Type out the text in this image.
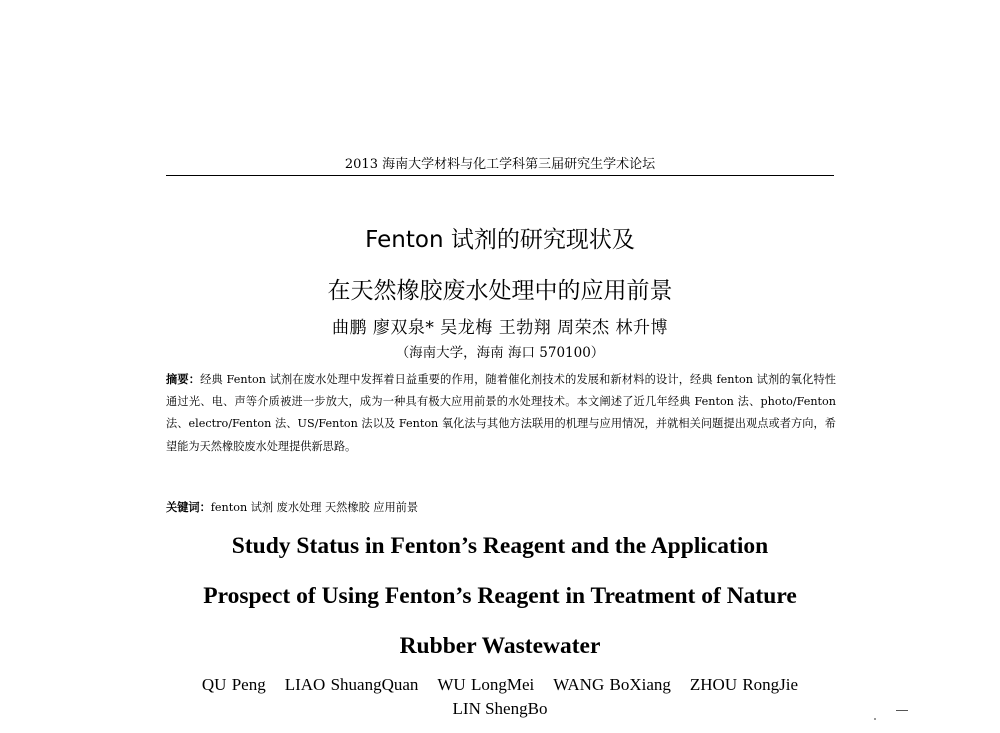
2013 海南大学材料与化工学科第三届研究生学术论坛
Fenton 试剂的研究现状及
在天然橡胶废水处理中的应用前景
曲鹏 廖双泉* 吴龙梅 王勃翔 周荣杰 林升博
（海南大学，海南 海口 570100）
摘要：经典 Fenton 试剂在废水处理中发挥着日益重要的作用，随着催化剂技术的发展和新材料的设计，经典 fenton 试剂的氧化特性通过光、电、声等介质被进一步放大，成为一种具有极大应用前景的水处理技术。本文阐述了近几年经典 Fenton 法、photo/Fenton 法、electro/Fenton 法、US/Fenton 法以及 Fenton 氧化法与其他方法联用的机理与应用情况，并就相关问题提出观点或者方向，希望能为天然橡胶废水处理提供新思路。
关键词：fenton 试剂 废水处理 天然橡胶 应用前景
Study Status in Fenton’s Reagent and the Application
Prospect of Using Fenton’s Reagent in Treatment of Nature
Rubber Wastewater
QU Peng LIAO ShuangQuan WU LongMei WANG BoXiang ZHOU RongJie
LIN ShengBo
